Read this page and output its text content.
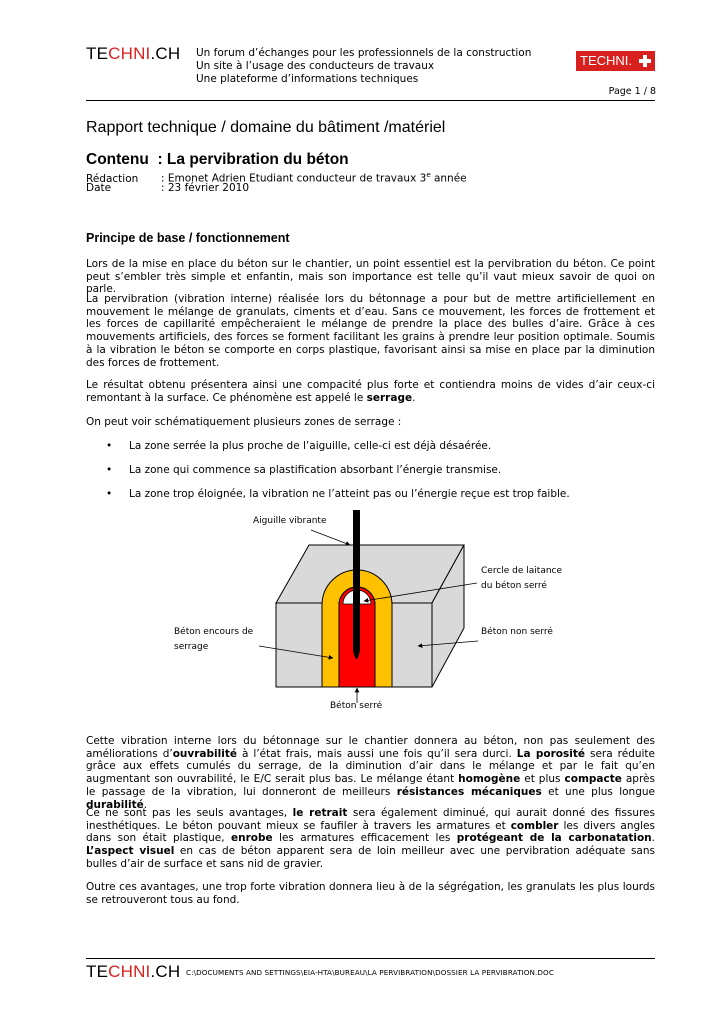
TECHNI.CH Un forum d’échanges pour les professionnels de la construction
Un site à l’usage des conducteurs de travaux
Une plateforme d’informations techniques
TECHNI.
Page 1 / 8
Rapport technique / domaine du bâtiment /matériel
Contenu  : La pervibration du béton
Rédaction : Emonet Adrien Etudiant conducteur de travaux 3e année
Date	: 23 février 2010
Principe de base / fonctionnement
Lors de la mise en place du béton sur le chantier, un point essentiel est la pervibration du béton. Ce point peut s’embler très simple et enfantin, mais son importance est telle qu’il vaut mieux savoir de quoi on parle.
La pervibration (vibration interne) réalisée lors du bétonnage a pour but de mettre artificiellement en mouvement le mélange de granulats, ciments et d’eau. Sans ce mouvement, les forces de frottement et les forces de capillarité empêcheraient le mélange de prendre la place des bulles d’aire. Grâce à ces mouvements artificiels, des forces se forment facilitant les grains à prendre leur position optimale. Soumis à la vibration le béton se comporte en corps plastique, favorisant ainsi sa mise en place par la diminution des forces de frottement.
Le résultat obtenu présentera ainsi une compacité plus forte et contiendra moins de vides d’air ceux-ci remontant à la surface. Ce phénomène est appelé le serrage.
On peut voir schématiquement plusieurs zones de serrage :
• La zone serrée la plus proche de l’aiguille, celle-ci est déjà désaérée.
• La zone qui commence sa plastification absorbant l’énergie transmise.
• La zone trop éloignée, la vibration ne l’atteint pas ou l’énergie reçue est trop faible.
Aiguille vibrante
Cercle de laitance
du béton serré
Béton encours de
serrage
Béton non serré
Béton serré
Cette vibration interne lors du bétonnage sur le chantier donnera au béton, non pas seulement des améliorations d’ouvrabilité à l’état frais, mais aussi une fois qu’il sera durci. La porosité sera réduite grâce aux effets cumulés du serrage, de la diminution d’air dans le mélange et par le fait qu’en augmentant son ouvrabilité, le E/C serait plus bas. Le mélange étant homogène et plus compacte après le passage de la vibration, lui donneront de meilleurs résistances mécaniques et une plus longue durabilité.
Ce ne sont pas les seuls avantages, le retrait sera également diminué, qui aurait donné des fissures inesthétiques. Le béton pouvant mieux se faufiler à travers les armatures et combler les divers angles dans son était plastique, enrobe les armatures efficacement les protégeant de la carbonatation. L’aspect visuel en cas de béton apparent sera de loin meilleur avec une pervibration adéquate sans bulles d’air de surface et sans nid de gravier.
Outre ces avantages, une trop forte vibration donnera lieu à de la ségrégation, les granulats les plus lourds se retrouveront tous au fond.
TECHNI.CH C:\DOCUMENTS AND SETTINGS\EIA-HTA\BUREAU\LA PERVIBRATION\DOSSIER LA PERVIBRATION.DOC
